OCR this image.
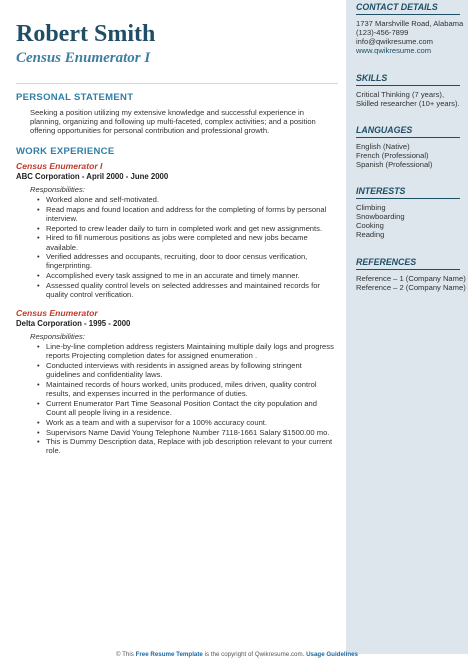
Robert Smith
Census Enumerator I
PERSONAL STATEMENT
Seeking a position utilizing my extensive knowledge and successful experience in planning, organizing and following up multi-faceted, complex activities; and a position offering opportunities for personal contribution and professional growth.
WORK EXPERIENCE
Census Enumerator I
ABC Corporation - April 2000 - June 2000
Responsibilities:
• Worked alone and self-motivated.
• Read maps and found location and address for the completing of forms by personal interview.
• Reported to crew leader daily to turn in completed work and get new assignments.
• Hired to fill numerous positions as jobs were completed and new jobs became available.
• Verified addresses and occupants, recruiting, door to door census verification, fingerprinting.
• Accomplished every task assigned to me in an accurate and timely manner.
• Assessed quality control levels on selected addresses and maintained records for quality control verification.
Census Enumerator
Delta Corporation - 1995 - 2000
Responsibilities:
• Line-by-line completion address registers Maintaining multiple daily logs and progress reports Projecting completion dates for assigned enumeration .
• Conducted interviews with residents in assigned areas by following stringent guidelines and confidentiality laws.
• Maintained records of hours worked, units produced, miles driven, quality control results, and expenses incurred in the performance of duties.
• Current Enumerator Part Time Seasonal Position Contact the city population and Count all people living in a residence.
• Work as a team and with a supervisor for a 100% accuracy count.
• Supervisors Name David Young Telephone Number 7118-1661 Salary $1500.00 mo.
• This is Dummy Description data, Replace with job description relevant to your current role.
CONTACT DETAILS
1737 Marshville Road, Alabama
(123)-456-7899
info@qwikresume.com
www.qwikresume.com
SKILLS
Critical Thinking (7 years), Skilled researcher (10+ years).
LANGUAGES
English (Native)
French (Professional)
Spanish (Professional)
INTERESTS
Climbing
Snowboarding
Cooking
Reading
REFERENCES
Reference – 1 (Company Name)
Reference – 2 (Company Name)
© This Free Resume Template is the copyright of Qwikresume.com. Usage Guidelines
